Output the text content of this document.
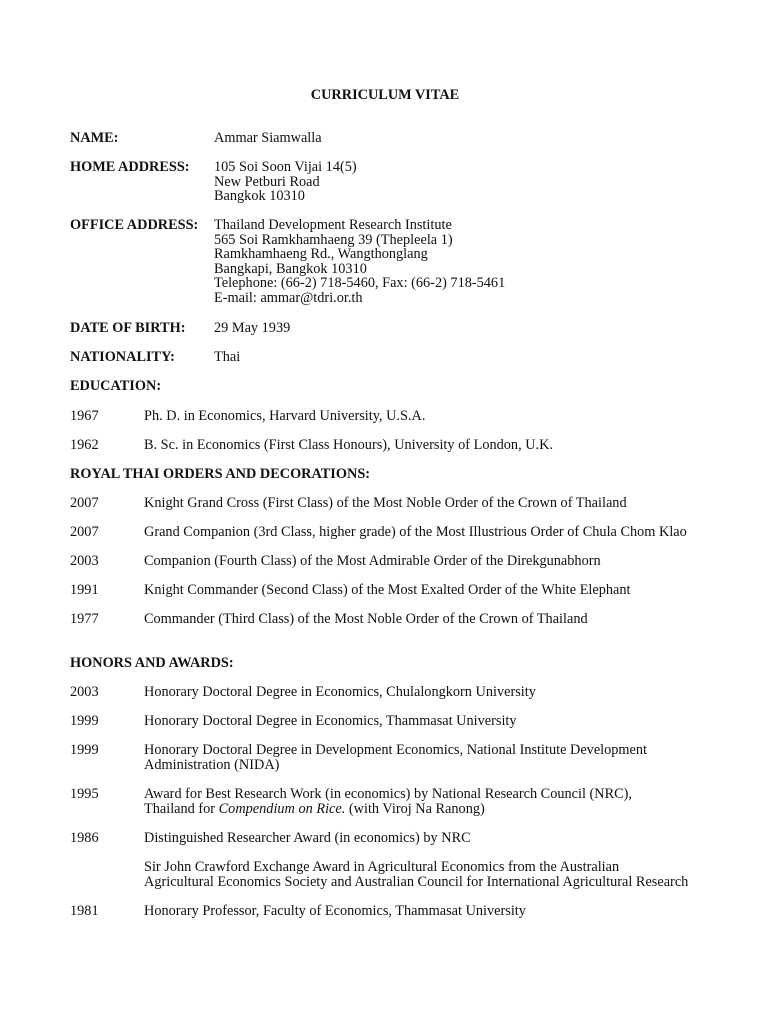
CURRICULUM VITAE
NAME:	Ammar Siamwalla
HOME ADDRESS: 105 Soi Soon Vijai 14(5)
New Petburi Road
Bangkok 10310
OFFICE ADDRESS: Thailand Development Research Institute
565 Soi Ramkhamhaeng 39 (Thepleela 1)
Ramkhamhaeng Rd., Wangthonglang
Bangkapi, Bangkok 10310
Telephone: (66-2) 718-5460, Fax: (66-2) 718-5461
E-mail: ammar@tdri.or.th
DATE OF BIRTH: 29 May 1939
NATIONALITY:	Thai
EDUCATION:
1967	Ph. D. in Economics, Harvard University, U.S.A.
1962	B. Sc. in Economics (First Class Honours), University of London, U.K.
ROYAL THAI ORDERS AND DECORATIONS:
2007	Knight Grand Cross (First Class) of the Most Noble Order of the Crown of Thailand
2007	Grand Companion (3rd Class, higher grade) of the Most Illustrious Order of Chula Chom Klao
2003	Companion (Fourth Class) of the Most Admirable Order of the Direkgunabhorn
1991	Knight Commander (Second Class) of the Most Exalted Order of the White Elephant
1977	Commander (Third Class) of the Most Noble Order of the Crown of Thailand
HONORS AND AWARDS:
2003	Honorary Doctoral Degree in Economics, Chulalongkorn University
1999	Honorary Doctoral Degree in Economics, Thammasat University
1999	Honorary Doctoral Degree in Development Economics, National Institute Development
Administration (NIDA)
1995	Award for Best Research Work (in economics) by National Research Council (NRC),
Thailand for Compendium on Rice. (with Viroj Na Ranong)
1986	Distinguished Researcher Award (in economics) by NRC
Sir John Crawford Exchange Award in Agricultural Economics from the Australian
Agricultural Economics Society and Australian Council for International Agricultural Research
1981	Honorary Professor, Faculty of Economics, Thammasat University
